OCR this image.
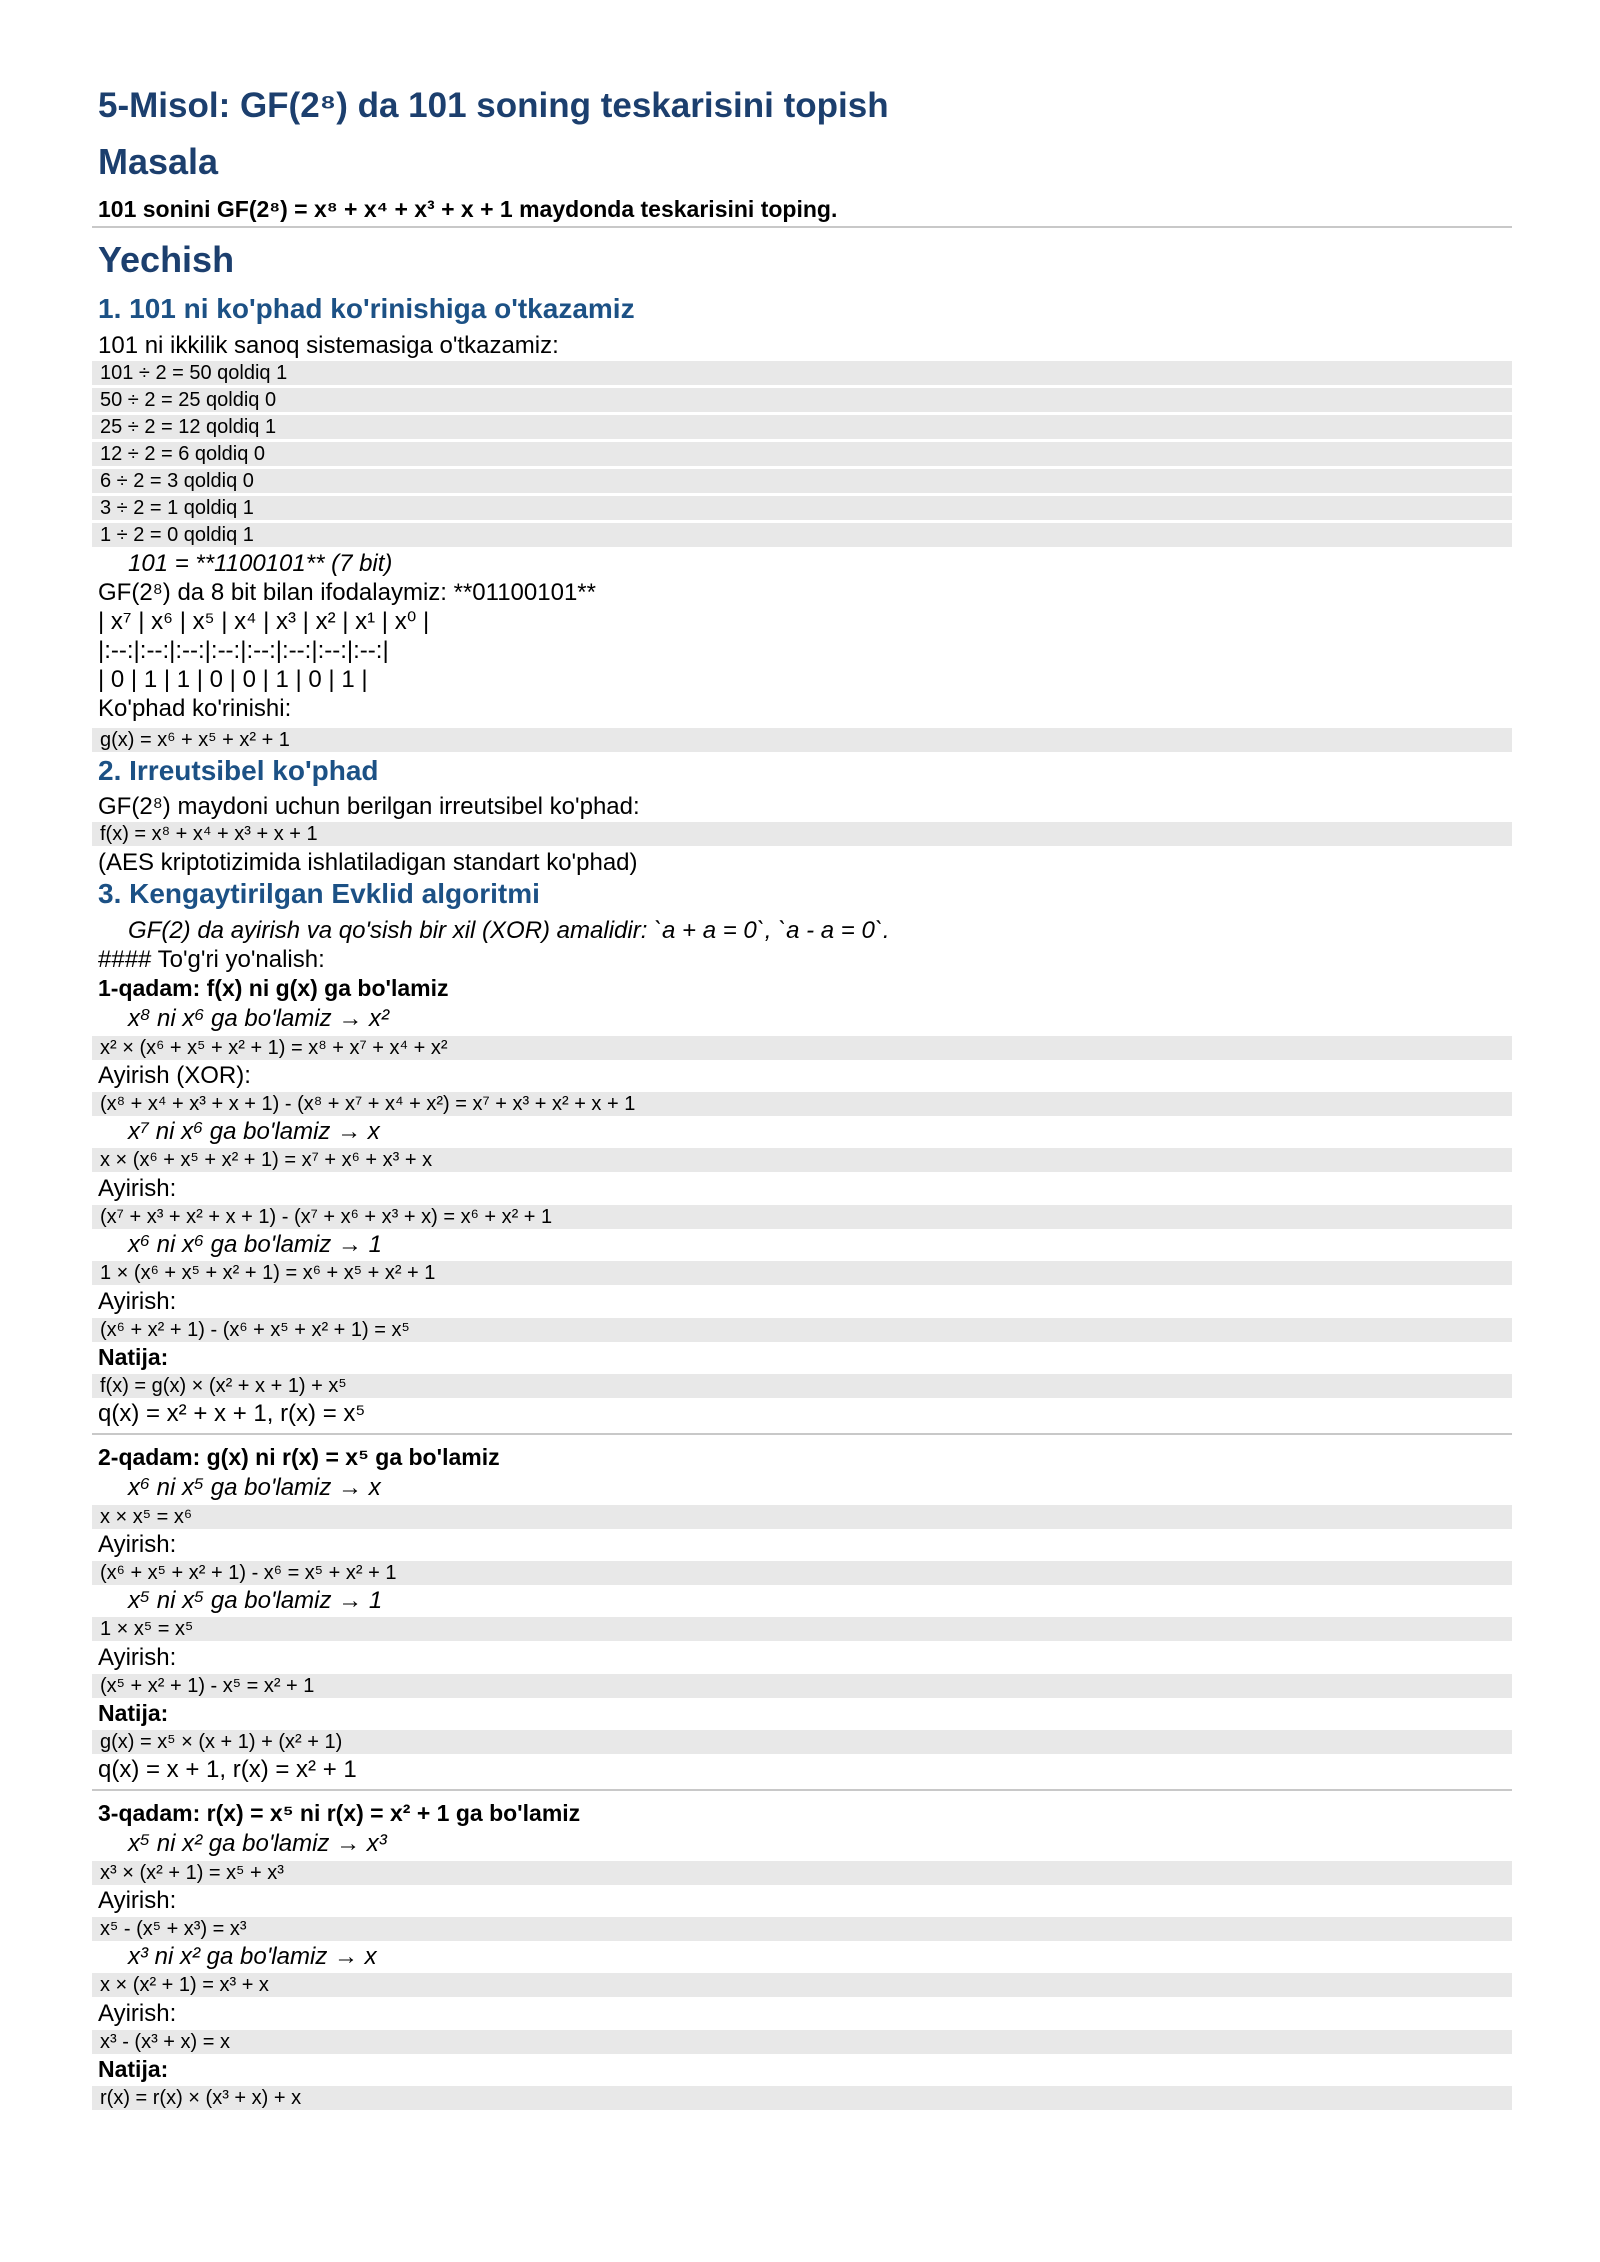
5-Misol: GF(2⁸) da 101 soning teskarisini topish
Masala
101 sonini GF(2⁸) = x⁸ + x⁴ + x³ + x + 1 maydonda teskarisini toping.
Yechish
1. 101 ni ko'phad ko'rinishiga o'tkazamiz
101 ni ikkilik sanoq sistemasiga o'tkazamiz:
101 ÷ 2 = 50 qoldiq 1
50 ÷ 2 = 25 qoldiq 0
25 ÷ 2 = 12 qoldiq 1
12 ÷ 2 = 6 qoldiq 0
6 ÷ 2 = 3 qoldiq 0
3 ÷ 2 = 1 qoldiq 1
1 ÷ 2 = 0 qoldiq 1
101 = **1100101** (7 bit)
GF(2⁸) da 8 bit bilan ifodalaymiz: **01100101**
| x⁷ | x⁶ | x⁵ | x⁴ | x³ | x² | x¹ | x⁰ |
|:--:|:--:|:--:|:--:|:--:|:--:|:--:|:--:|
| 0 | 1 | 1 | 0 | 0 | 1 | 0 | 1 |
Ko'phad ko'rinishi:
g(x) = x⁶ + x⁵ + x² + 1
2. Irreutsibel ko'phad
GF(2⁸) maydoni uchun berilgan irreutsibel ko'phad:
f(x) = x⁸ + x⁴ + x³ + x + 1
(AES kriptotizimida ishlatiladigan standart ko'phad)
3. Kengaytirilgan Evklid algoritmi
GF(2) da ayirish va qo'sish bir xil (XOR) amalidir: `a + a = 0`, `a - a = 0`.
#### To'g'ri yo'nalish:
1-qadam: f(x) ni g(x) ga bo'lamiz
x⁸ ni x⁶ ga bo'lamiz → x²
x² × (x⁶ + x⁵ + x² + 1) = x⁸ + x⁷ + x⁴ + x²
Ayirish (XOR):
(x⁸ + x⁴ + x³ + x + 1) - (x⁸ + x⁷ + x⁴ + x²) = x⁷ + x³ + x² + x + 1
x⁷ ni x⁶ ga bo'lamiz → x
x × (x⁶ + x⁵ + x² + 1) = x⁷ + x⁶ + x³ + x
Ayirish:
(x⁷ + x³ + x² + x + 1) - (x⁷ + x⁶ + x³ + x) = x⁶ + x² + 1
x⁶ ni x⁶ ga bo'lamiz → 1
1 × (x⁶ + x⁵ + x² + 1) = x⁶ + x⁵ + x² + 1
Ayirish:
(x⁶ + x² + 1) - (x⁶ + x⁵ + x² + 1) = x⁵
Natija:
f(x) = g(x) × (x² + x + 1) + x⁵
q(x) = x² + x + 1, r(x) = x⁵
2-qadam: g(x) ni r(x) = x⁵ ga bo'lamiz
x⁶ ni x⁵ ga bo'lamiz → x
x × x⁵ = x⁶
Ayirish:
(x⁶ + x⁵ + x² + 1) - x⁶ = x⁵ + x² + 1
x⁵ ni x⁵ ga bo'lamiz → 1
1 × x⁵ = x⁵
Ayirish:
(x⁵ + x² + 1) - x⁵ = x² + 1
Natija:
g(x) = x⁵ × (x + 1) + (x² + 1)
q(x) = x + 1, r(x) = x² + 1
3-qadam: r(x) = x⁵ ni r(x) = x² + 1 ga bo'lamiz
x⁵ ni x² ga bo'lamiz → x³
x³ × (x² + 1) = x⁵ + x³
Ayirish:
x⁵ - (x⁵ + x³) = x³
x³ ni x² ga bo'lamiz → x
x × (x² + 1) = x³ + x
Ayirish:
x³ - (x³ + x) = x
Natija:
r(x) = r(x) × (x³ + x) + x
